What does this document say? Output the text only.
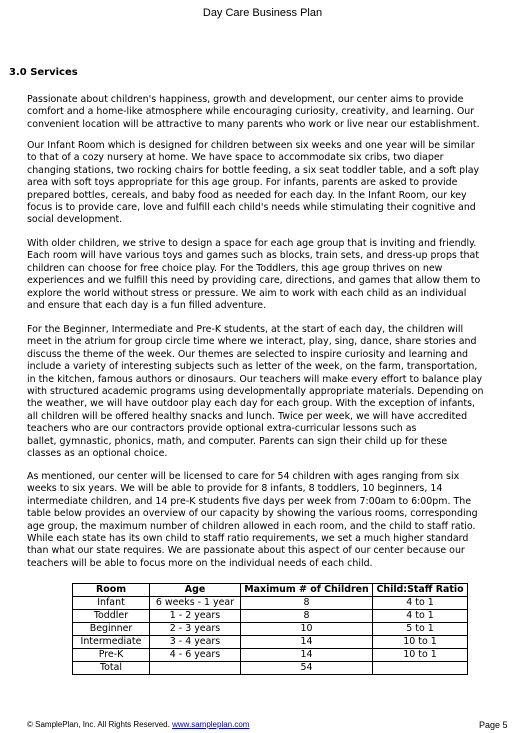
Day Care Business Plan
3.0 Services
Passionate about children's happiness, growth and development, our center aims to provide
comfort and a home-like atmosphere while encouraging curiosity, creativity, and learning. Our
convenient location will be attractive to many parents who work or live near our establishment.
Our Infant Room which is designed for children between six weeks and one year will be similar
to that of a cozy nursery at home. We have space to accommodate six cribs, two diaper
changing stations, two rocking chairs for bottle feeding, a six seat toddler table, and a soft play
area with soft toys appropriate for this age group. For infants, parents are asked to provide
prepared bottles, cereals, and baby food as needed for each day. In the Infant Room, our key
focus is to provide care, love and fulfill each child's needs while stimulating their cognitive and
social development.
With older children, we strive to design a space for each age group that is inviting and friendly.
Each room will have various toys and games such as blocks, train sets, and dress-up props that
children can choose for free choice play. For the Toddlers, this age group thrives on new
experiences and we fulfill this need by providing care, directions, and games that allow them to
explore the world without stress or pressure. We aim to work with each child as an individual
and ensure that each day is a fun filled adventure.
For the Beginner, Intermediate and Pre-K students, at the start of each day, the children will
meet in the atrium for group circle time where we interact, play, sing, dance, share stories and
discuss the theme of the week. Our themes are selected to inspire curiosity and learning and
include a variety of interesting subjects such as letter of the week, on the farm, transportation,
in the kitchen, famous authors or dinosaurs. Our teachers will make every effort to balance play
with structured academic programs using developmentally appropriate materials. Depending on
the weather, we will have outdoor play each day for each group. With the exception of infants,
all children will be offered healthy snacks and lunch. Twice per week, we will have accredited
teachers who are our contractors provide optional extra-curricular lessons such as
ballet, gymnastic, phonics, math, and computer. Parents can sign their child up for these
classes as an optional choice.
As mentioned, our center will be licensed to care for 54 children with ages ranging from six
weeks to six years. We will be able to provide for 8 infants, 8 toddlers, 10 beginners, 14
intermediate children, and 14 pre-K students five days per week from 7:00am to 6:00pm. The
table below provides an overview of our capacity by showing the various rooms, corresponding
age group, the maximum number of children allowed in each room, and the child to staff ratio.
While each state has its own child to staff ratio requirements, we set a much higher standard
than what our state requires. We are passionate about this aspect of our center because our
teachers will be able to focus more on the individual needs of each child.
Room	Age	Maximum # of Children	Child:Staff Ratio
Infant	6 weeks - 1 year	8	4 to 1
Toddler	1 - 2 years	8	4 to 1
Beginner	2 - 3 years	10	5 to 1
Intermediate	3 - 4 years	14	10 to 1
Pre-K	4 - 6 years	14	10 to 1
Total		54	
© SamplePlan, Inc. All Rights Reserved. www.sampleplan.com	Page 5
